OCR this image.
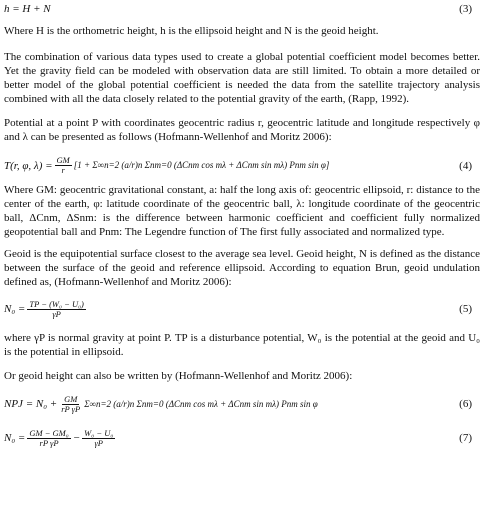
h = H + N	(3)

Where H is the orthometric height, h is the ellipsoid height and N is the geoid height.

The combination of various data types used to create a global potential coefficient model becomes better. Yet the gravity field can be modeled with observation data are still limited. To obtain a more detailed or better model of the global potential coefficient is needed the data from the satellite trajectory analysis combined with all the data closely related to the potential gravity of the earth, (Rapp, 1992).

Potential at a point P with coordinates geocentric radius r, geocentric latitude and longitude respectively φ and λ can be presented as follows (Hofmann-Wellenhof and Moritz 2006):

T(r, φ, $\lambda) = \frac{GM}{r} [1 + \Sigma\infty n=2$ (a/r)n Σnm=0 (ΔCnm cos mλ + ΔCnm sin mλ) Pnm sin φ]	(4)

Where GM: geocentric gravitational constant, a: half the long axis of: geocentric ellipsoid, r: distance to the center of the earth, φ: latitude coordinate of the geocentric ball, λ: longitude coordinate of the geocentric ball, ΔCnm, ΔSnm: is the difference between harmonic coefficient and coefficient fully normalized geopotential ball and Pnm: The Legendre function of The first fully associated and normalized type.

Geoid is the equipotential surface closest to the average sea level. Geoid height, N is defined as the distance between the surface of the geoid and reference ellipsoid. According to equation Brun, geoid undulation defined as, (Hofmann-Wellenhof and Moritz 2006):

$N_0 = \frac{\text{TP − (W₀ − U₀)}}{\gamma P}$	(5)

where γP is normal gravity at point P. TP is a disturbance potential, W₀ is the potential at the geoid and U₀ is the potential in ellipsoid.

Or geoid height can also be written by (Hofmann-Wellenhof and Moritz 2006):

NPJ = $N_0 + \frac{GM}{\text{rP γP}} \Sigma\infty n=2$ (a/r)n Σnm=0 (ΔCnm cos mλ + ΔCnm sin mλ) Pnm sin φ	(6)
$N_0 = \frac{\text{GM − GM₀}}{\text{rP γP}} - \frac{\text{W₀ − U₀}}{\gamma P}$	(7)
